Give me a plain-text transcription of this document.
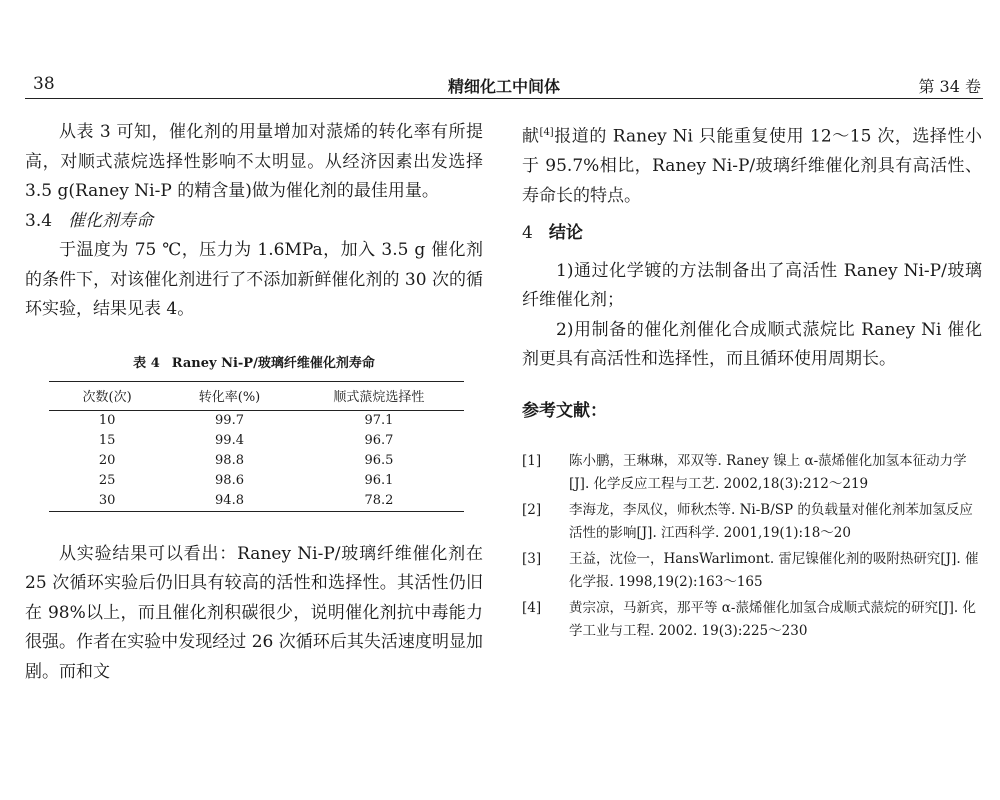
38	精细化工中间体	第 34 卷

从表 3 可知，催化剂的用量增加对蒎烯的转化率有所提高，对顺式蒎烷选择性影响不太明显。从经济因素出发选择 3.5 g(Raney Ni-P 的精含量)做为催化剂的最佳用量。

3.4 催化剂寿命

于温度为 75 ℃，压力为 1.6MPa，加入 3.5 g 催化剂的条件下，对该催化剂进行了不添加新鲜催化剂的 30 次的循环实验，结果见表 4。

表 4 Raney Ni-P/玻璃纤维催化剂寿命
次数(次)	转化率(%)	顺式蒎烷选择性
10	99.7	97.1
15	99.4	96.7
20	98.8	96.5
25	98.6	96.1
30	94.8	78.2

从实验结果可以看出：Raney Ni-P/玻璃纤维催化剂在 25 次循环实验后仍旧具有较高的活性和选择性。其活性仍旧在 98%以上，而且催化剂积碳很少，说明催化剂抗中毒能力很强。作者在实验中发现经过 26 次循环后其失活速度明显加剧。而和文

献[4]报道的 Raney Ni 只能重复使用 12～15 次，选择性小于 95.7%相比，Raney Ni-P/玻璃纤维催化剂具有高活性、寿命长的特点。

4 结论

1)通过化学镀的方法制备出了高活性 Raney Ni-P/玻璃纤维催化剂；

2)用制备的催化剂催化合成顺式蒎烷比 Raney Ni 催化剂更具有高活性和选择性，而且循环使用周期长。

参考文献：

[1] 陈小鹏，王琳琳，邓双等. Raney 镍上 α-蒎烯催化加氢本征动力学[J]. 化学反应工程与工艺. 2002,18(3):212～219

[2] 李海龙，李凤仪，师秋杰等. Ni-B/SP 的负载量对催化剂苯加氢反应活性的影响[J]. 江西科学. 2001,19(1):18～20

[3] 王益，沈俭一，HansWarlimont. 雷尼镍催化剂的吸附热研究[J]. 催化学报. 1998,19(2):163～165

[4] 黄宗凉，马新宾，那平等 α-蒎烯催化加氢合成顺式蒎烷的研究[J]. 化学工业与工程. 2002. 19(3):225～230
